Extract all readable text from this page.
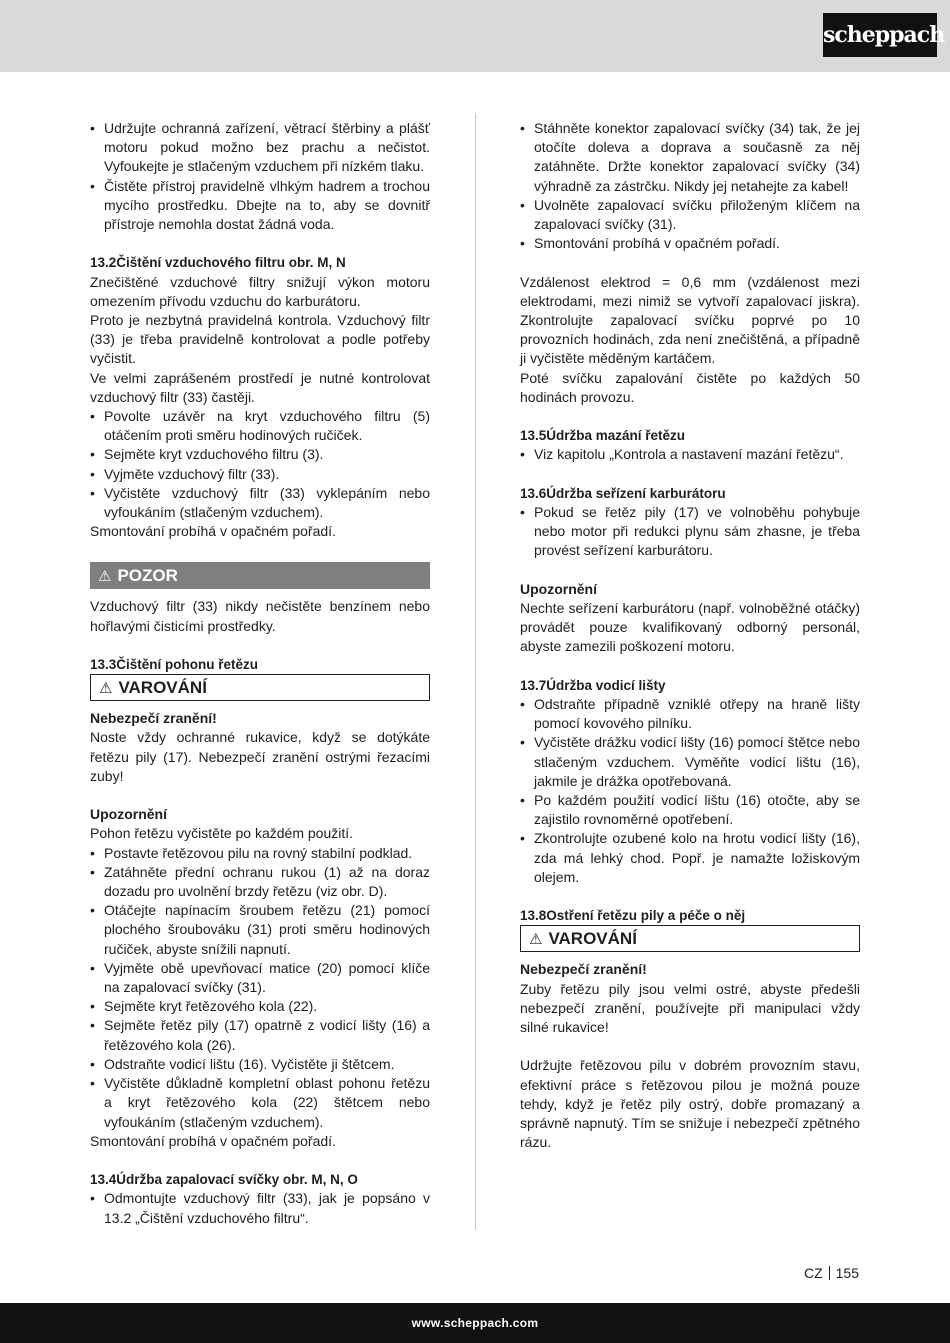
scheppach
• Udržujte ochranná zařízení, větrací štěrbiny a plášť motoru pokud možno bez prachu a nečistot. Vyfoukejte je stlačeným vzduchem při nízkém tlaku.
• Čistěte přístroj pravidelně vlhkým hadrem a trochou mycího prostředku. Dbejte na to, aby se dovnitř přístroje nemohla dostat žádná voda.

13.2Čištění vzduchového filtru obr. M, N

Znečištěné vzduchové filtry snižují výkon motoru omezením přívodu vzduchu do karburátoru.

Proto je nezbytná pravidelná kontrola. Vzduchový filtr (33) je třeba pravidelně kontrolovat a podle potřeby vyčistit.

Ve velmi zaprášeném prostředí je nutné kontrolovat vzduchový filtr (33) častěji.

• Povolte uzávěr na kryt vzduchového filtru (5) otáčením proti směru hodinových ručiček.
• Sejměte kryt vzduchového filtru (3).
• Vyjměte vzduchový filtr (33).
• Vyčistěte vzduchový filtr (33) vyklepáním nebo vyfoukáním (stlačeným vzduchem).

Smontování probíhá v opačném pořadí.

⚠ POZOR

Vzduchový filtr (33) nikdy nečistěte benzínem nebo hořlavými čisticími prostředky.

13.3Čištění pohonu řetězu

⚠ VAROVÁNÍ

Nebezpečí zranění!

Noste vždy ochranné rukavice, když se dotýkáte řetězu pily (17). Nebezpečí zranění ostrými řezacími zuby!

Upozornění

Pohon řetězu vyčistěte po každém použití.

• Postavte řetězovou pilu na rovný stabilní podklad.
• Zatáhněte přední ochranu rukou (1) až na doraz dozadu pro uvolnění brzdy řetězu (viz obr. D).
• Otáčejte napínacím šroubem řetězu (21) pomocí plochého šroubováku (31) proti směru hodinových ručiček, abyste snížili napnutí.
• Vyjměte obě upevňovací matice (20) pomocí klíče na zapalovací svíčky (31).
• Sejměte kryt řetězového kola (22).
• Sejměte řetěz pily (17) opatrně z vodicí lišty (16) a řetězového kola (26).
• Odstraňte vodicí lištu (16). Vyčistěte ji štětcem.
• Vyčistěte důkladně kompletní oblast pohonu řetězu a kryt řetězového kola (22) štětcem nebo vyfoukáním (stlačeným vzduchem).

Smontování probíhá v opačném pořadí.

13.4Údržba zapalovací svíčky obr. M, N, O

• Odmontujte vzduchový filtr (33), jak je popsáno v 13.2 „Čištění vzduchového filtru“.
• Stáhněte konektor zapalovací svíčky (34) tak, že jej otočíte doleva a doprava a současně za něj zatáhněte. Držte konektor zapalovací svíčky (34) výhradně za zástrčku. Nikdy jej netahejte za kabel!
• Uvolněte zapalovací svíčku přiloženým klíčem na zapalovací svíčky (31).
• Smontování probíhá v opačném pořadí.

Vzdálenost elektrod = 0,6 mm (vzdálenost mezi elektrodami, mezi nimiž se vytvoří zapalovací jiskra). Zkontrolujte zapalovací svíčku poprvé po 10 provozních hodinách, zda není znečištěná, a případně ji vyčistěte měděným kartáčem.

Poté svíčku zapalování čistěte po každých 50 hodinách provozu.

13.5Údržba mazání řetězu

• Viz kapitolu „Kontrola a nastavení mazání řetězu“.

13.6Údržba seřízení karburátoru

• Pokud se řetěz pily (17) ve volnoběhu pohybuje nebo motor při redukci plynu sám zhasne, je třeba provést seřízení karburátoru.

Upozornění

Nechte seřízení karburátoru (např. volnoběžné otáčky) provádět pouze kvalifikovaný odborný personál, abyste zamezili poškození motoru.

13.7Údržba vodicí lišty

• Odstraňte případně vzniklé otřepy na hraně lišty pomocí kovového pilníku.
• Vyčistěte drážku vodicí lišty (16) pomocí štětce nebo stlačeným vzduchem. Vyměňte vodicí lištu (16), jakmile je drážka opotřebovaná.
• Po každém použití vodicí lištu (16) otočte, aby se zajistilo rovnoměrné opotřebení.
• Zkontrolujte ozubené kolo na hrotu vodicí lišty (16), zda má lehký chod. Popř. je namažte ložiskovým olejem.

13.8Ostření řetězu pily a péče o něj

⚠ VAROVÁNÍ

Nebezpečí zranění!

Zuby řetězu pily jsou velmi ostré, abyste předešli nebezpečí zranění, používejte při manipulaci vždy silné rukavice!

Udržujte řetězovou pilu v dobrém provozním stavu, efektivní práce s řetězovou pilou je možná pouze tehdy, když je řetěz pily ostrý, dobře promazaný a správně napnutý. Tím se snižuje i nebezpečí zpětného rázu.

CZ 155
www.scheppach.com
